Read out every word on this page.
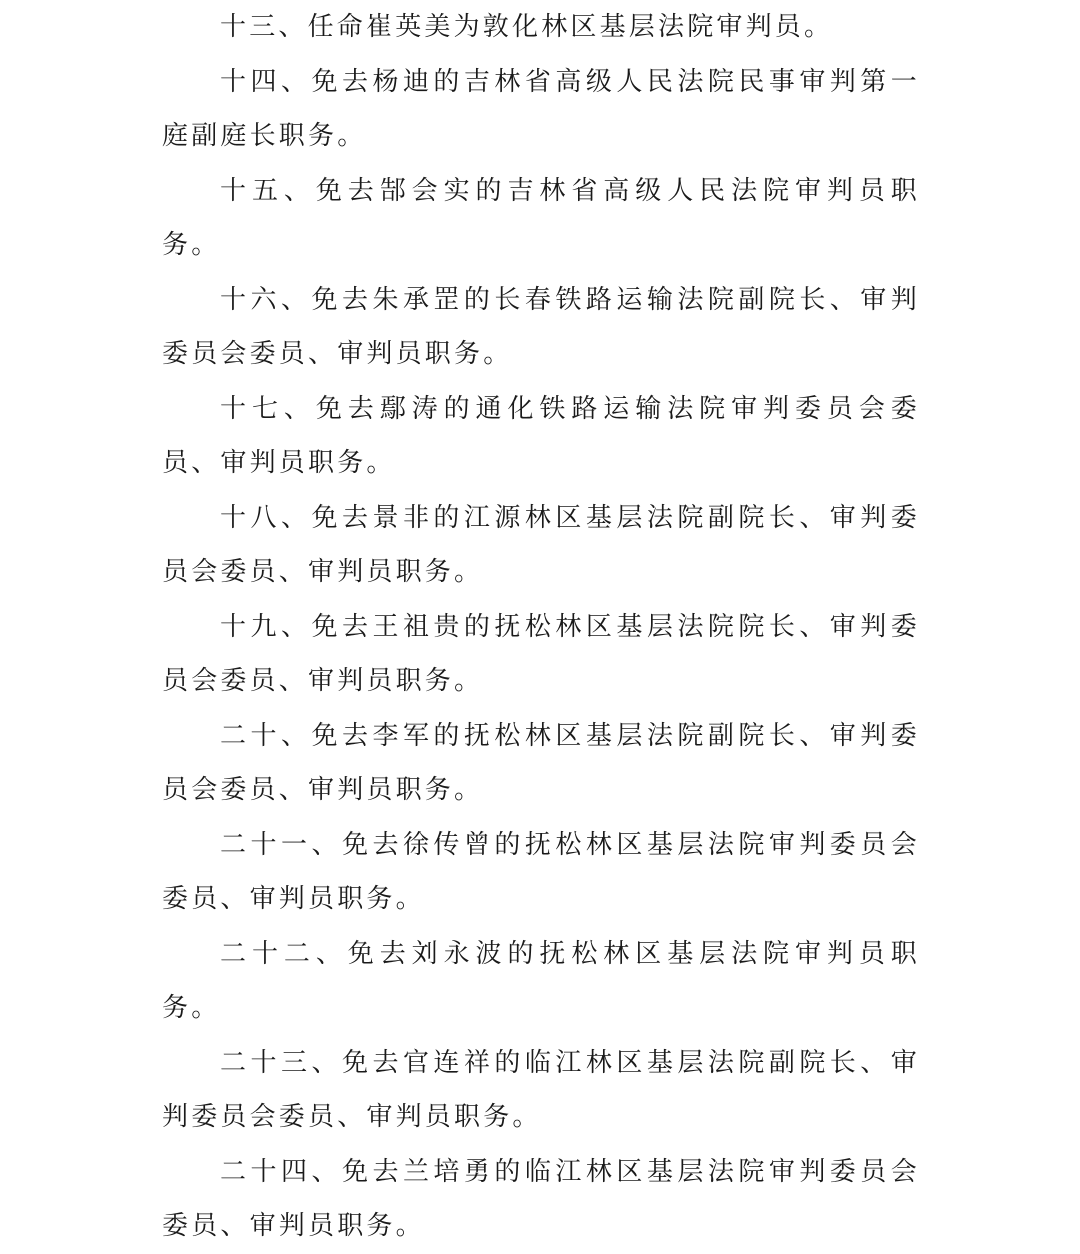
十三、任命崔英美为敦化林区基层法院审判员。

十四、免去杨迪的吉林省高级人民法院民事审判第一庭副庭长职务。

十五、免去郜会实的吉林省高级人民法院审判员职务。

十六、免去朱承罡的长春铁路运输法院副院长、审判委员会委员、审判员职务。

十七、免去鄢涛的通化铁路运输法院审判委员会委员、审判员职务。

十八、免去景非的江源林区基层法院副院长、审判委员会委员、审判员职务。

十九、免去王祖贵的抚松林区基层法院院长、审判委员会委员、审判员职务。

二十、免去李军的抚松林区基层法院副院长、审判委员会委员、审判员职务。

二十一、免去徐传曾的抚松林区基层法院审判委员会委员、审判员职务。

二十二、免去刘永波的抚松林区基层法院审判员职务。

二十三、免去官连祥的临江林区基层法院副院长、审判委员会委员、审判员职务。

二十四、免去兰培勇的临江林区基层法院审判委员会委员、审判员职务。
